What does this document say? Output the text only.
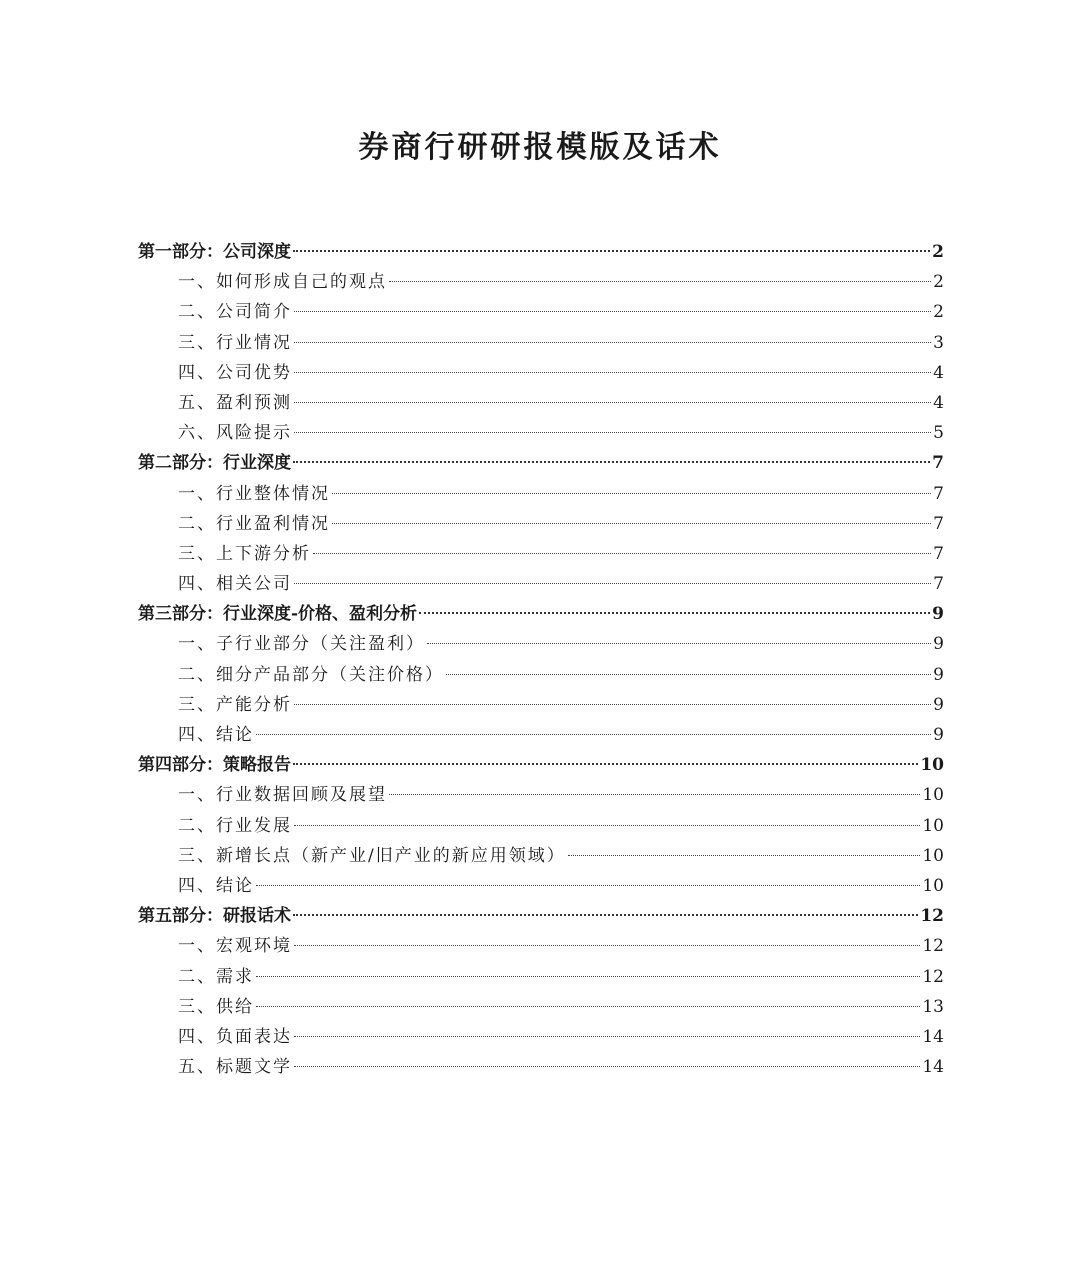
券商行研研报模版及话术
第一部分：公司深度	2
一、如何形成自己的观点	2
二、公司简介	2
三、行业情况	3
四、公司优势	4
五、盈利预测	4
六、风险提示	5
第二部分：行业深度	7
一、行业整体情况	7
二、行业盈利情况	7
三、上下游分析	7
四、相关公司	7
第三部分：行业深度-价格、盈利分析	9
一、子行业部分（关注盈利）	9
二、细分产品部分（关注价格）	9
三、产能分析	9
四、结论	9
第四部分：策略报告	10
一、行业数据回顾及展望	10
二、行业发展	10
三、新增长点（新产业/旧产业的新应用领域）	10
四、结论	10
第五部分：研报话术	12
一、宏观环境	12
二、需求	12
三、供给	13
四、负面表达	14
五、标题文学	14
